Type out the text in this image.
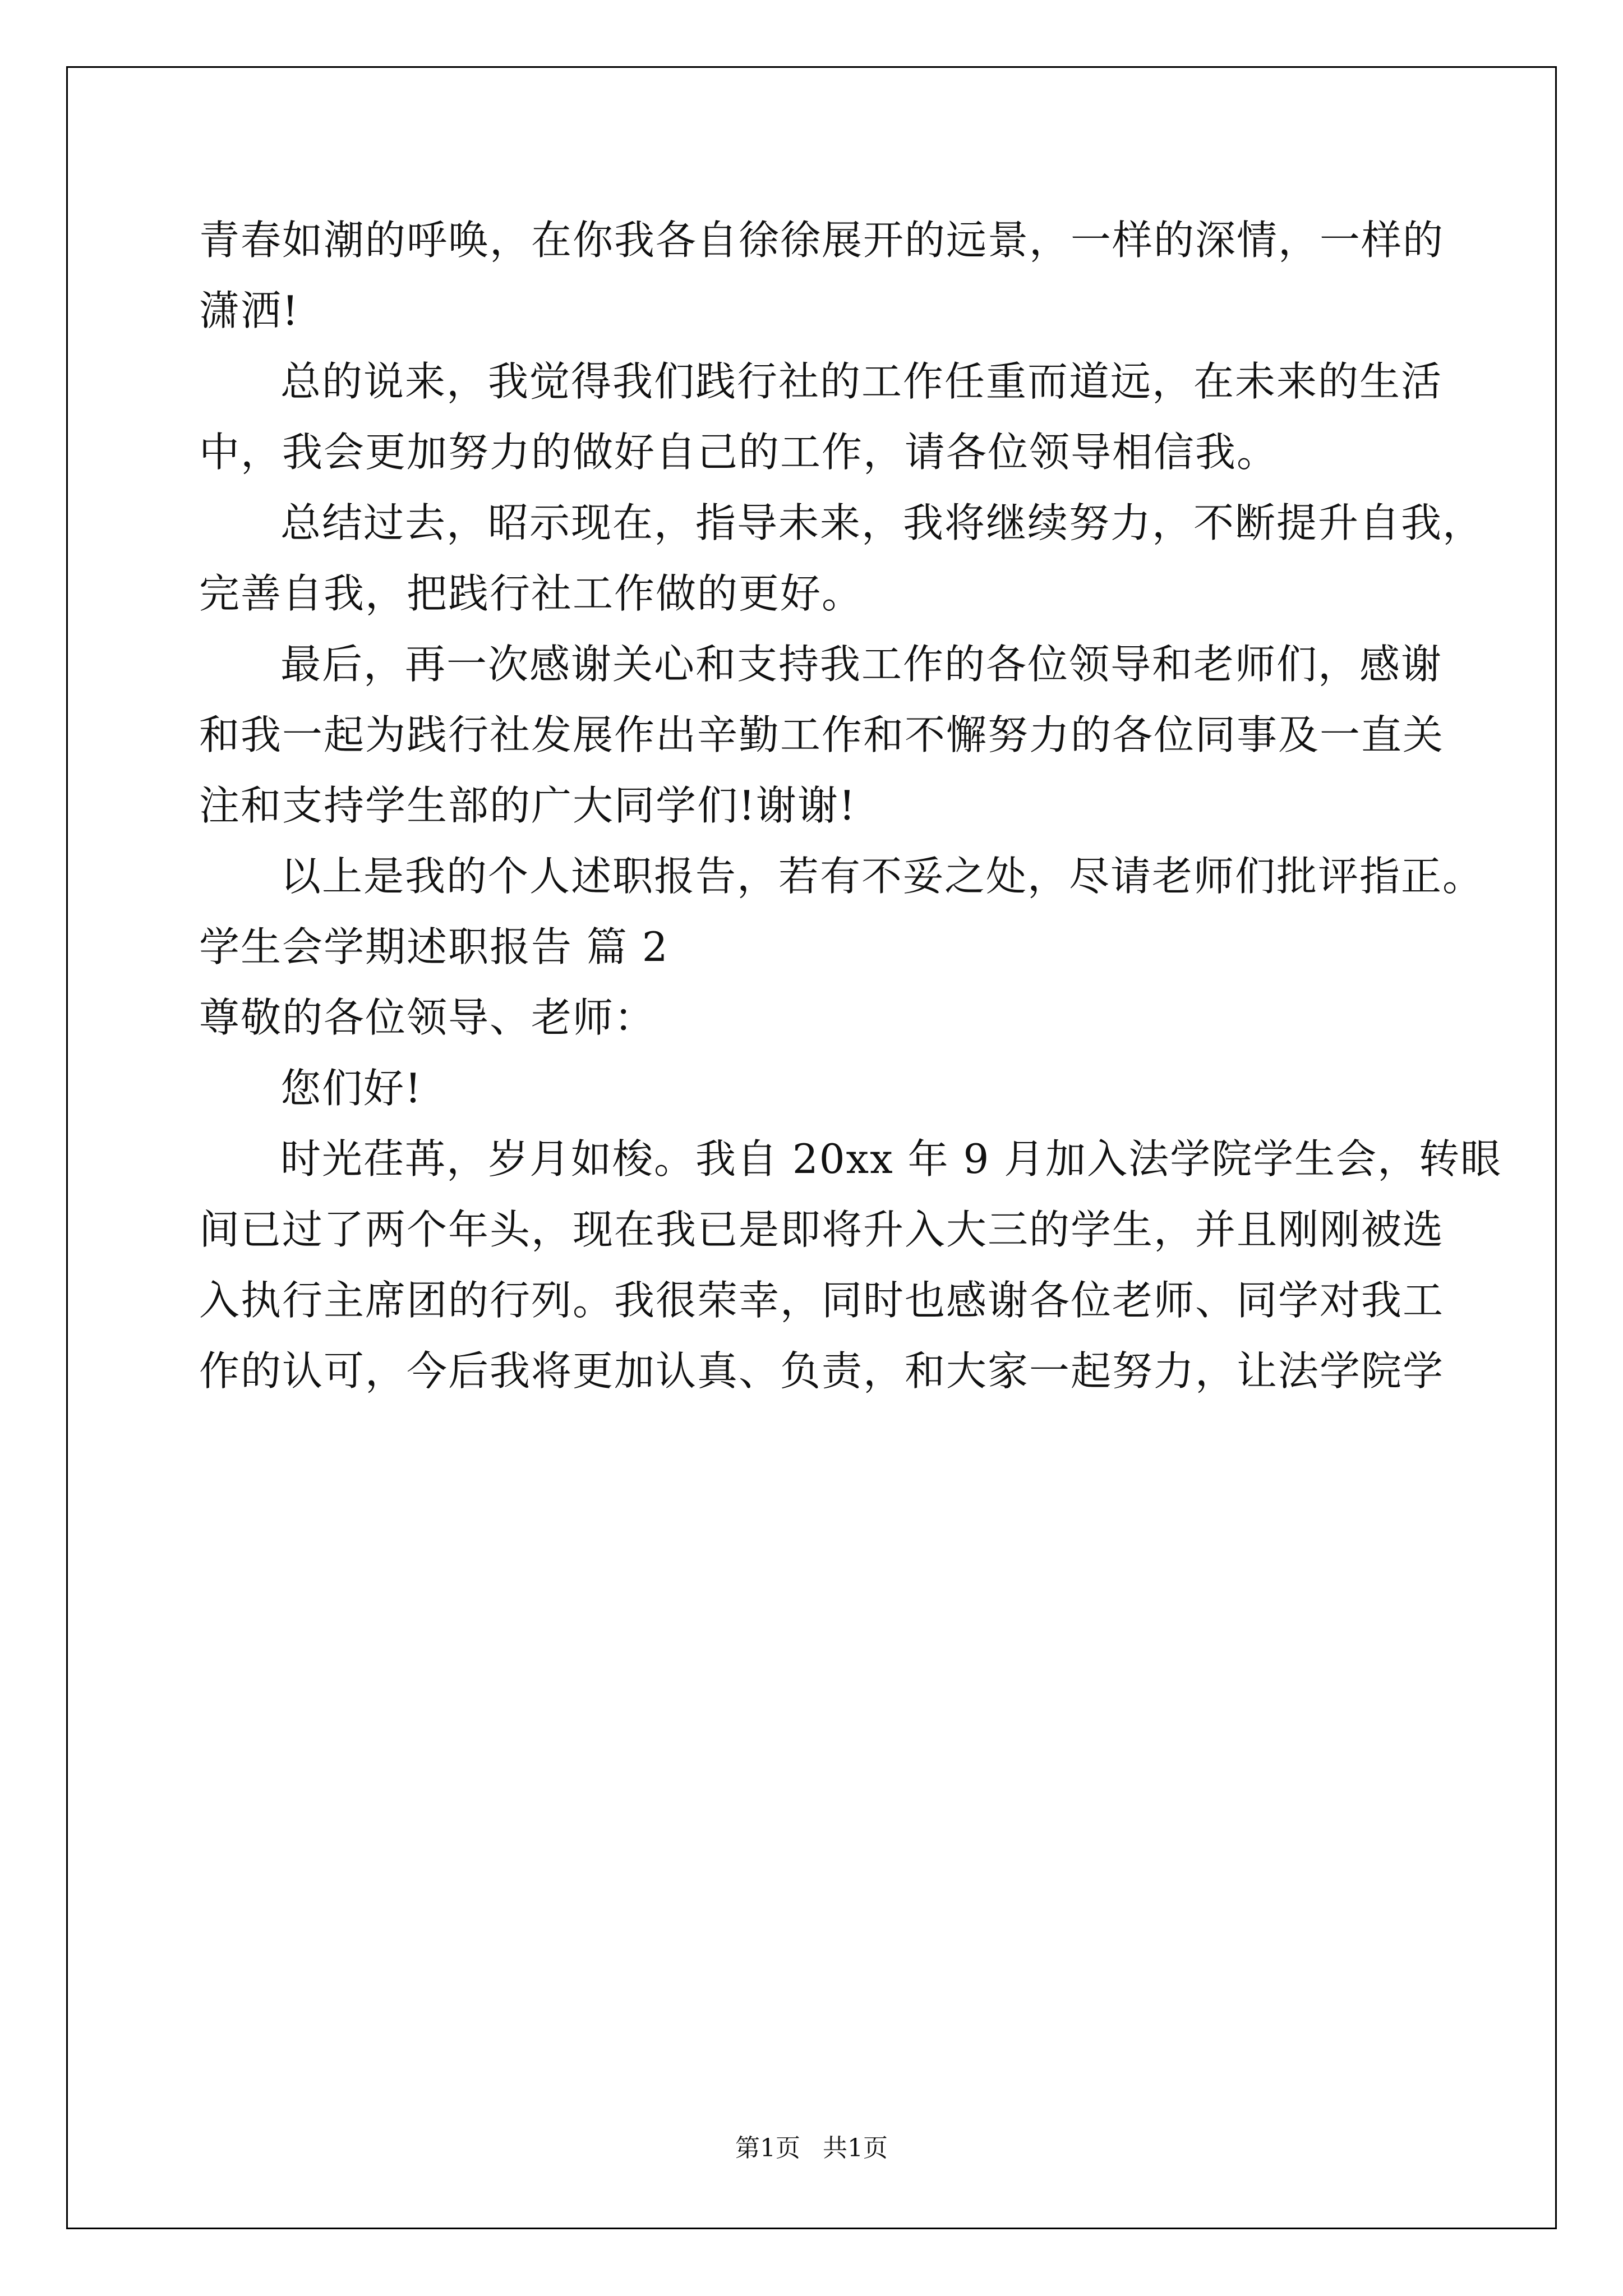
青春如潮的呼唤，在你我各自徐徐展开的远景，一样的深情，一样的
潇洒!
总的说来，我觉得我们践行社的工作任重而道远，在未来的生活
中，我会更加努力的做好自己的工作，请各位领导相信我。
总结过去，昭示现在，指导未来，我将继续努力，不断提升自我，
完善自我，把践行社工作做的更好。
最后，再一次感谢关心和支持我工作的各位领导和老师们，感谢
和我一起为践行社发展作出辛勤工作和不懈努力的各位同事及一直关
注和支持学生部的广大同学们!谢谢!
以上是我的个人述职报告，若有不妥之处，尽请老师们批评指正。
学生会学期述职报告 篇 2
尊敬的各位领导、老师：
您们好!
时光荏苒，岁月如梭。我自 20xx 年 9 月加入法学院学生会，转眼
间已过了两个年头，现在我已是即将升入大三的学生，并且刚刚被选
入执行主席团的行列。我很荣幸，同时也感谢各位老师、同学对我工
作的认可，今后我将更加认真、负责，和大家一起努力，让法学院学
第1页 共1页
